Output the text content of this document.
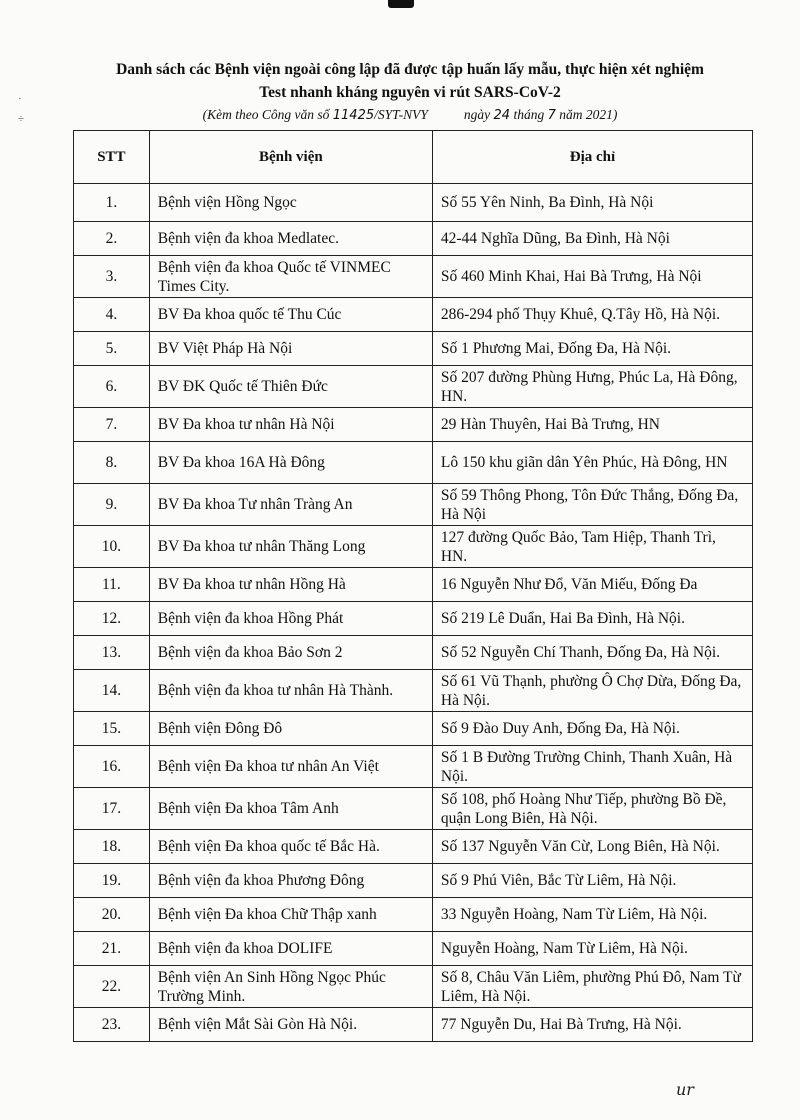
Danh sách các Bệnh viện ngoài công lập đã được tập huấn lấy mẫu, thực hiện xét nghiệm
Test nhanh kháng nguyên vi rút SARS-CoV-2
·
÷	(Kèm theo Công văn số 11425/SYT-NVY	ngày 24 tháng 7 năm 2021)
STT	Bệnh viện	Địa chỉ
1.	Bệnh viện Hồng Ngọc	Số 55 Yên Ninh, Ba Đình, Hà Nội
2.	Bệnh viện đa khoa Medlatec.	42-44 Nghĩa Dũng, Ba Đình, Hà Nội
3.	Bệnh viện đa khoa Quốc tế VINMEC Times City.	Số 460 Minh Khai, Hai Bà Trưng, Hà Nội
4.	BV Đa khoa quốc tế Thu Cúc	286-294 phố Thụy Khuê, Q.Tây Hồ, Hà Nội.
5.	BV Việt Pháp Hà Nội	Số 1 Phương Mai, Đống Đa, Hà Nội.
6.	BV ĐK Quốc tế Thiên Đức	Số 207 đường Phùng Hưng, Phúc La, Hà Đông, HN.
7.	BV Đa khoa tư nhân Hà Nội	29 Hàn Thuyên, Hai Bà Trưng, HN
8.	BV Đa khoa 16A Hà Đông	Lô 150 khu giãn dân Yên Phúc, Hà Đông, HN
9.	BV Đa khoa Tư nhân Tràng An	Số 59 Thông Phong, Tôn Đức Thắng, Đống Đa, Hà Nội
10.	BV Đa khoa tư nhân Thăng Long	127 đường Quốc Bảo, Tam Hiệp, Thanh Trì, HN.
11.	BV Đa khoa tư nhân Hồng Hà	16 Nguyễn Như Đổ, Văn Miếu, Đống Đa
12.	Bệnh viện đa khoa Hồng Phát	Số 219 Lê Duẩn, Hai Ba Đình, Hà Nội.
13.	Bệnh viện đa khoa Bảo Sơn 2	Số 52 Nguyễn Chí Thanh, Đống Đa, Hà Nội.
14.	Bệnh viện đa khoa tư nhân Hà Thành.	Số 61 Vũ Thạnh, phường Ô Chợ Dừa, Đống Đa, Hà Nội.
15.	Bệnh viện Đông Đô	Số 9 Đào Duy Anh, Đống Đa, Hà Nội.
16.	Bệnh viện Đa khoa tư nhân An Việt	Số 1 B Đường Trường Chinh, Thanh Xuân, Hà Nội.
17.	Bệnh viện Đa khoa Tâm Anh	Số 108, phố Hoàng Như Tiếp, phường Bồ Đề, quận Long Biên, Hà Nội.
18.	Bệnh viện Đa khoa quốc tế Bắc Hà.	Số 137 Nguyễn Văn Cừ, Long Biên, Hà Nội.
19.	Bệnh viện đa khoa Phương Đông	Số 9 Phú Viên, Bắc Từ Liêm, Hà Nội.
20.	Bệnh viện Đa khoa Chữ Thập xanh	33 Nguyễn Hoàng, Nam Từ Liêm, Hà Nội.
21.	Bệnh viện đa khoa DOLIFE	Nguyễn Hoàng, Nam Từ Liêm, Hà Nội.
22.	Bệnh viện An Sinh Hồng Ngọc Phúc Trường Minh.	Số 8, Châu Văn Liêm, phường Phú Đô, Nam Từ Liêm, Hà Nội.
23.	Bệnh viện Mắt Sài Gòn Hà Nội.	77 Nguyễn Du, Hai Bà Trưng, Hà Nội.
ur
